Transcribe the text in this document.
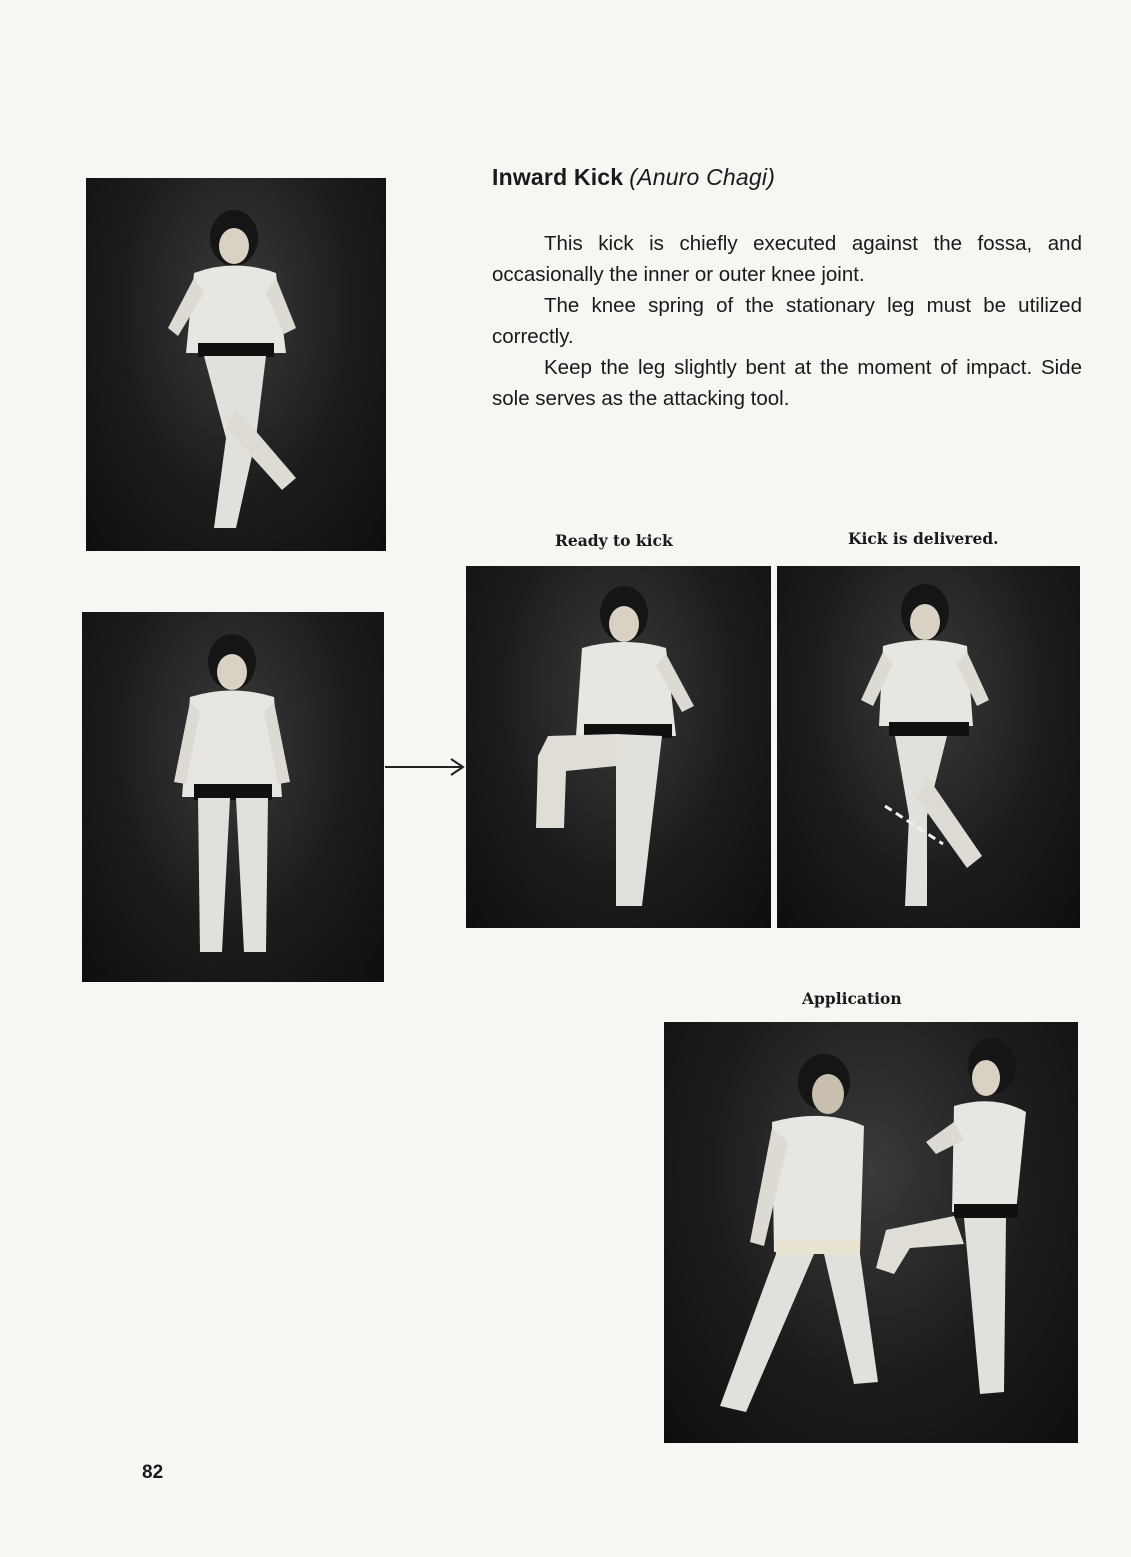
Inward Kick (Anuro Chagi)

This kick is chiefly executed against the fossa, and occasionally the inner or outer knee joint.

The knee spring of the stationary leg must be utilized correctly.

Keep the leg slightly bent at the moment of impact. Side sole serves as the attacking tool.

Ready to kick	Kick is delivered.
Application
82
